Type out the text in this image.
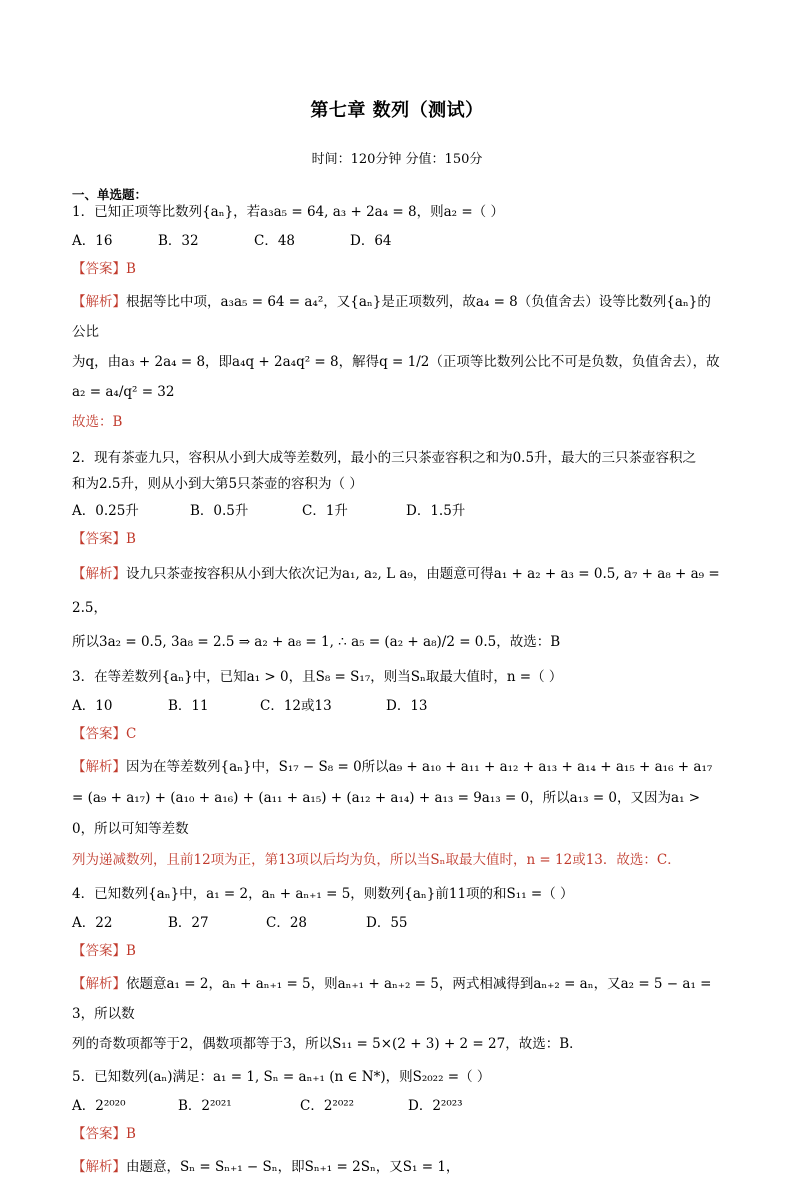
第七章 数列（测试）
时间：120分钟 分值：150分
一、单选题：
1．已知正项等比数列{aₙ}，若a₃a₅ = 64, a₃ + 2a₄ = 8，则a₂ =（ ）
A．16	B．32	C．48	D．64
【答案】B
【解析】根据等比中项，a₃a₅ = 64 = a₄²，又{aₙ}是正项数列，故a₄ = 8（负值舍去）设等比数列{aₙ}的公比
为q，由a₃ + 2a₄ = 8，即a₄q + 2a₄q² = 8，解得q = 1/2（正项等比数列公比不可是负数，负值舍去），故a₂ = a₄/q² = 32
故选：B
2．现有茶壶九只，容积从小到大成等差数列，最小的三只茶壶容积之和为0.5升，最大的三只茶壶容积之
和为2.5升，则从小到大第5只茶壶的容积为（ ）
A．0.25升	B．0.5升	C．1升	D．1.5升
【答案】B
【解析】设九只茶壶按容积从小到大依次记为a₁, a₂, L a₉，由题意可得a₁ + a₂ + a₃ = 0.5, a₇ + a₈ + a₉ = 2.5，
所以3a₂ = 0.5, 3a₈ = 2.5 ⇒ a₂ + a₈ = 1, ∴ a₅ = (a₂ + a₈)/2 = 0.5，故选：B
3．在等差数列{aₙ}中，已知a₁ > 0，且S₈ = S₁₇，则当Sₙ取最大值时，n =（ ）
A．10	B．11	C．12或13	D．13
【答案】C
【解析】因为在等差数列{aₙ}中，S₁₇ − S₈ = 0所以a₉ + a₁₀ + a₁₁ + a₁₂ + a₁₃ + a₁₄ + a₁₅ + a₁₆ + a₁₇
= (a₉ + a₁₇) + (a₁₀ + a₁₆) + (a₁₁ + a₁₅) + (a₁₂ + a₁₄) + a₁₃ = 9a₁₃ = 0，所以a₁₃ = 0，又因为a₁ > 0，所以可知等差数
列为递减数列，且前12项为正，第13项以后均为负，所以当Sₙ取最大值时，n = 12或13．故选：C．
4．已知数列{aₙ}中，a₁ = 2，aₙ + aₙ₊₁ = 5，则数列{aₙ}前11项的和S₁₁ =（ ）
A．22	B．27	C．28	D．55
【答案】B
【解析】依题意a₁ = 2，aₙ + aₙ₊₁ = 5，则aₙ₊₁ + aₙ₊₂ = 5，两式相减得到aₙ₊₂ = aₙ，又a₂ = 5 − a₁ = 3，所以数
列的奇数项都等于2，偶数项都等于3，所以S₁₁ = 5×(2 + 3) + 2 = 27，故选：B．
5．已知数列(aₙ)满足：a₁ = 1, Sₙ = aₙ₊₁ (n ∈ N*)，则S₂₀₂₂ =（ ）
A．2²⁰²⁰	B．2²⁰²¹	C．2²⁰²²	D．2²⁰²³
【答案】B
【解析】由题意，Sₙ = Sₙ₊₁ − Sₙ，即Sₙ₊₁ = 2Sₙ，又S₁ = 1，
